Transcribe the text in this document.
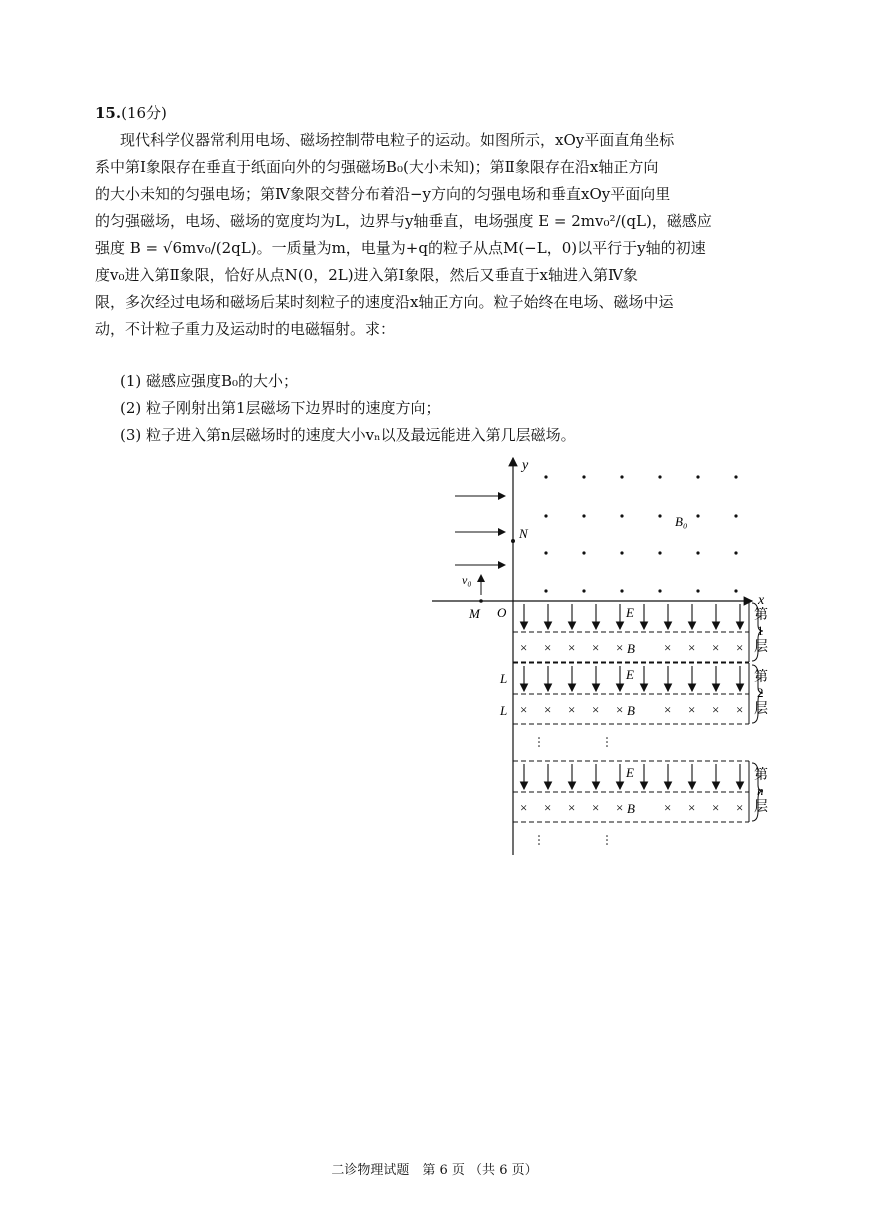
15.(16分)
现代科学仪器常利用电场、磁场控制带电粒子的运动。如图所示，xOy平面直角坐标
系中第Ⅰ象限存在垂直于纸面向外的匀强磁场B₀(大小未知)；第Ⅱ象限存在沿x轴正方向
的大小未知的匀强电场；第Ⅳ象限交替分布着沿−y方向的匀强电场和垂直xOy平面向里
的匀强磁场，电场、磁场的宽度均为L，边界与y轴垂直，电场强度 E = 2mv₀²/(qL)，磁感应
强度 B = √6mv₀/(2qL)。一质量为m，电量为+q的粒子从点M(−L，0)以平行于y轴的初速
度v₀进入第Ⅱ象限，恰好从点N(0，2L)进入第Ⅰ象限，然后又垂直于x轴进入第Ⅳ象
限，多次经过电场和磁场后某时刻粒子的速度沿x轴正方向。粒子始终在电场、磁场中运
动，不计粒子重力及运动时的电磁辐射。求：
(1) 磁感应强度B₀的大小；
(2) 粒子刚射出第1层磁场下边界时的速度方向；
(3) 粒子进入第n层磁场时的速度大小vₙ以及最远能进入第几层磁场。
x
y
O
N
M
v₀
B₀
E
× × × × ×	× × × ×
B
第
1
层
E
× × × × ×	× × × ×
B
第
2
层
E
× × × × ×	× × × ×
B
第
n
层
L
L
二诊物理试题　第 6 页 （共 6 页）
